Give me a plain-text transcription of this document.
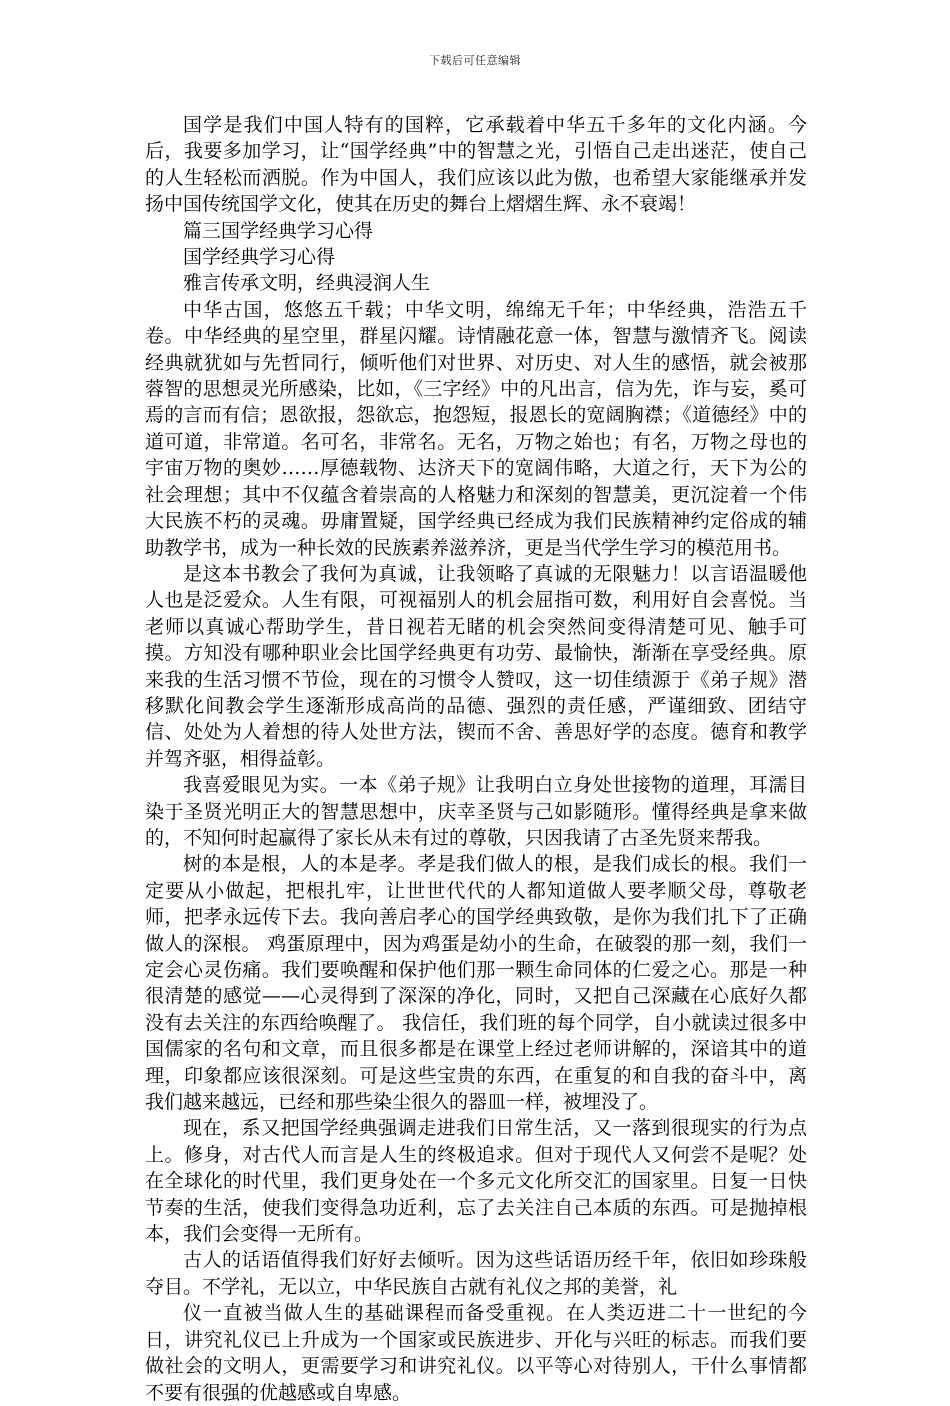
下载后可任意编辑

国学是我们中国人特有的国粹，它承载着中华五千多年的文化内涵。今后，我要多加学习，让“国学经典”中的智慧之光，引悟自己走出迷茫，使自己的人生轻松而洒脱。作为中国人，我们应该以此为傲，也希望大家能继承并发扬中国传统国学文化，使其在历史的舞台上熠熠生辉、永不衰竭！

篇三国学经典学习心得

国学经典学习心得

雅言传承文明，经典浸润人生

中华古国，悠悠五千载；中华文明，绵绵无千年；中华经典，浩浩五千卷。中华经典的星空里，群星闪耀。诗情融花意一体，智慧与激情齐飞。阅读经典就犹如与先哲同行，倾听他们对世界、对历史、对人生的感悟，就会被那蓉智的思想灵光所感染，比如，《三字经》中的凡出言，信为先，诈与妄，奚可焉的言而有信；恩欲报，怨欲忘，抱怨短，报恩长的宽阔胸襟；《道德经》中的道可道，非常道。名可名，非常名。无名，万物之始也；有名，万物之母也的宇宙万物的奥妙……厚德载物、达济天下的宽阔伟略，大道之行，天下为公的社会理想；其中不仅蕴含着崇高的人格魅力和深刻的智慧美，更沉淀着一个伟大民族不朽的灵魂。毋庸置疑，国学经典已经成为我们民族精神约定俗成的辅助教学书，成为一种长效的民族素养滋养济，更是当代学生学习的模范用书。

是这本书教会了我何为真诚，让我领略了真诚的无限魅力！以言语温暖他人也是泛爱众。人生有限，可视福别人的机会屈指可数，利用好自会喜悦。当老师以真诚心帮助学生，昔日视若无睹的机会突然间变得清楚可见、触手可摸。方知没有哪种职业会比国学经典更有功劳、最愉快，渐渐在享受经典。原来我的生活习惯不节俭，现在的习惯令人赞叹，这一切佳绩源于《弟子规》潜移默化间教会学生逐渐形成高尚的品德、强烈的责任感，严谨细致、团结守信、处处为人着想的待人处世方法，锲而不舍、善思好学的态度。德育和教学并驾齐驱，相得益彰。

我喜爱眼见为实。一本《弟子规》让我明白立身处世接物的道理，耳濡目染于圣贤光明正大的智慧思想中，庆幸圣贤与己如影随形。懂得经典是拿来做的，不知何时起赢得了家长从未有过的尊敬，只因我请了古圣先贤来帮我。

树的本是根，人的本是孝。孝是我们做人的根，是我们成长的根。我们一定要从小做起，把根扎牢，让世世代代的人都知道做人要孝顺父母，尊敬老师，把孝永远传下去。我向善启孝心的国学经典致敬，是你为我们扎下了正确做人的深根。 鸡蛋原理中，因为鸡蛋是幼小的生命，在破裂的那一刻，我们一定会心灵伤痛。我们要唤醒和保护他们那一颗生命同体的仁爱之心。那是一种很清楚的感觉——心灵得到了深深的净化，同时，又把自己深藏在心底好久都没有去关注的东西给唤醒了。 我信任，我们班的每个同学，自小就读过很多中国儒家的名句和文章，而且很多都是在课堂上经过老师讲解的，深谙其中的道理，印象都应该很深刻。可是这些宝贵的东西，在重复的和自我的奋斗中，离我们越来越远，已经和那些染尘很久的器皿一样，被埋没了。

现在，系又把国学经典强调走进我们日常生活，又一落到很现实的行为点上。修身，对古代人而言是人生的终极追求。但对于现代人又何尝不是呢？处在全球化的时代里，我们更身处在一个多元文化所交汇的国家里。日复一日快节奏的生活，使我们变得急功近利，忘了去关注自己本质的东西。可是抛掉根本，我们会变得一无所有。

古人的话语值得我们好好去倾听。因为这些话语历经千年，依旧如珍珠般夺目。不学礼，无以立，中华民族自古就有礼仪之邦的美誉，礼

仪一直被当做人生的基础课程而备受重视。在人类迈进二十一世纪的今日，讲究礼仪已上升成为一个国家或民族进步、开化与兴旺的标志。而我们要做社会的文明人，更需要学习和讲究礼仪。以平等心对待别人，干什么事情都不要有很强的优越感或自卑感。
